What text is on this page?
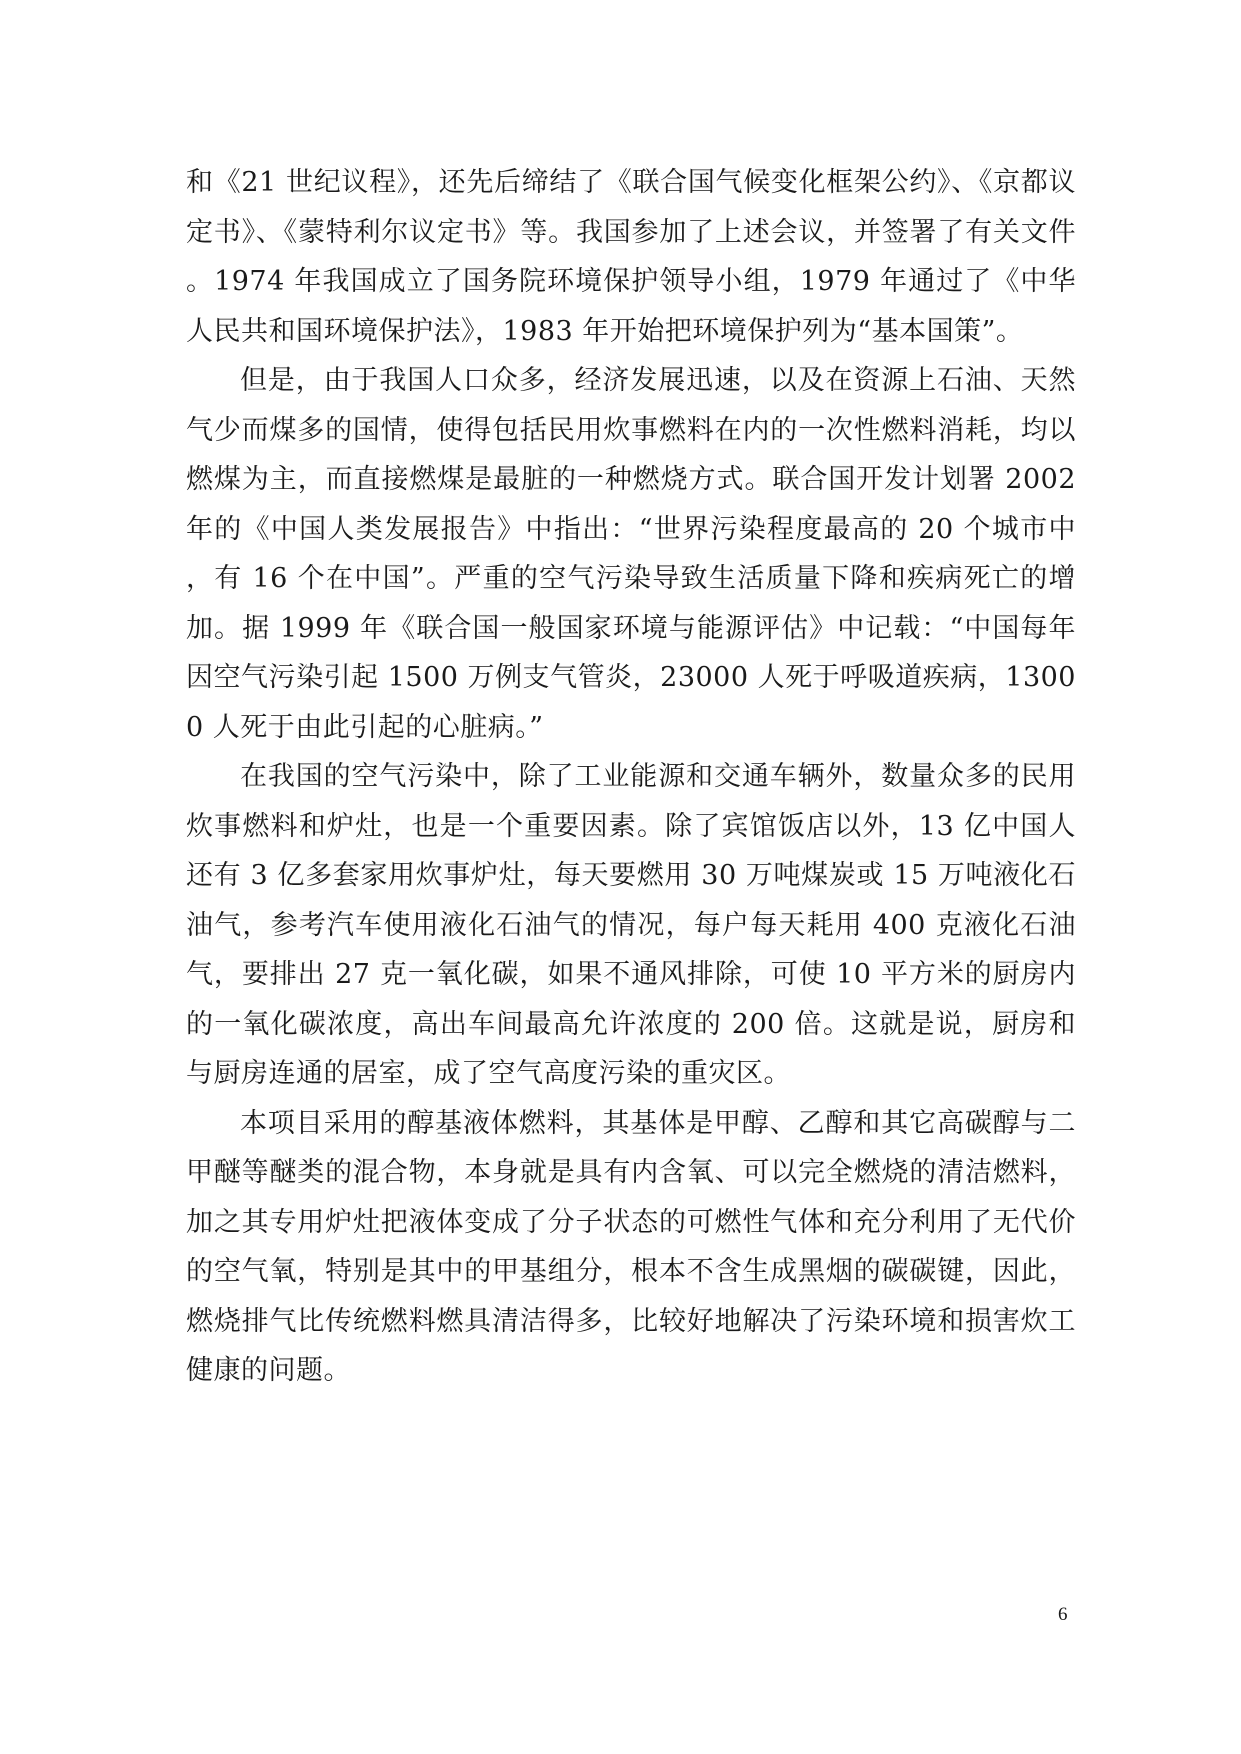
和《21 世纪议程》，还先后缔结了《联合国气候变化框架公约》、《京都议定书》、《蒙特利尔议定书》等。我国参加了上述会议，并签署了有关文件。1974 年我国成立了国务院环境保护领导小组，1979 年通过了《中华人民共和国环境保护法》，1983 年开始把环境保护列为“基本国策”。

但是，由于我国人口众多，经济发展迅速，以及在资源上石油、天然气少而煤多的国情，使得包括民用炊事燃料在内的一次性燃料消耗，均以燃煤为主，而直接燃煤是最脏的一种燃烧方式。联合国开发计划署 2002 年的《中国人类发展报告》中指出：“世界污染程度最高的 20 个城市中，有 16 个在中国”。严重的空气污染导致生活质量下降和疾病死亡的增加。据 1999 年《联合国一般国家环境与能源评估》中记载：“中国每年因空气污染引起 1500 万例支气管炎，23000 人死于呼吸道疾病，13000 人死于由此引起的心脏病。”

在我国的空气污染中，除了工业能源和交通车辆外，数量众多的民用炊事燃料和炉灶，也是一个重要因素。除了宾馆饭店以外，13 亿中国人还有 3 亿多套家用炊事炉灶，每天要燃用 30 万吨煤炭或 15 万吨液化石油气，参考汽车使用液化石油气的情况，每户每天耗用 400 克液化石油气，要排出 27 克一氧化碳，如果不通风排除，可使 10 平方米的厨房内的一氧化碳浓度，高出车间最高允许浓度的 200 倍。这就是说，厨房和与厨房连通的居室，成了空气高度污染的重灾区。

本项目采用的醇基液体燃料，其基体是甲醇、乙醇和其它高碳醇与二甲醚等醚类的混合物，本身就是具有内含氧、可以完全燃烧的清洁燃料，加之其专用炉灶把液体变成了分子状态的可燃性气体和充分利用了无代价的空气氧，特别是其中的甲基组分，根本不含生成黑烟的碳碳键，因此，燃烧排气比传统燃料燃具清洁得多，比较好地解决了污染环境和损害炊工健康的问题。

6
